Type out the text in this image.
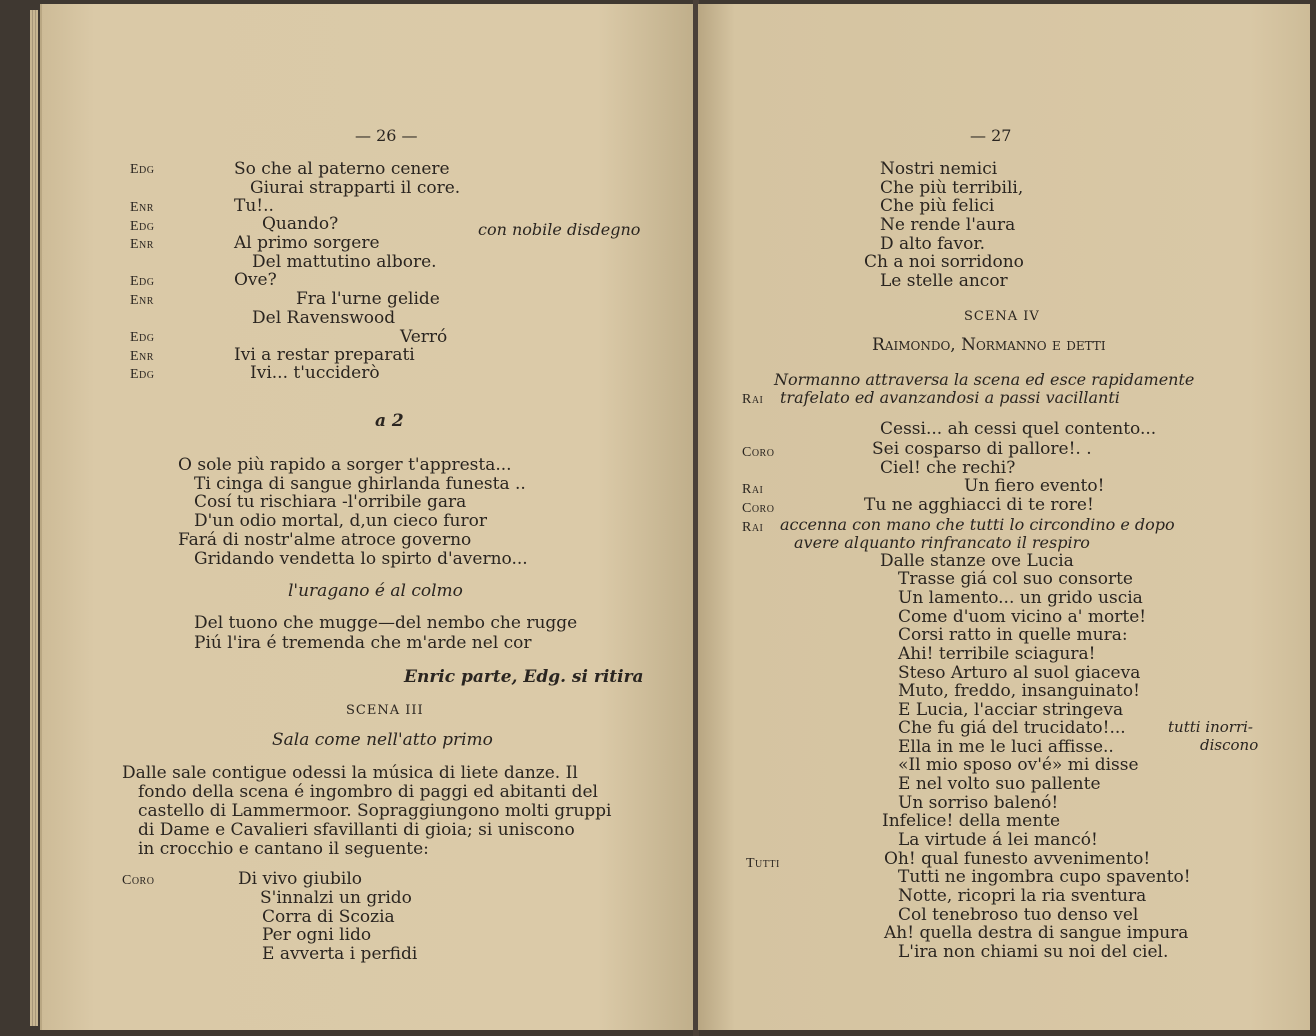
— 26 —
Edg	So che al paterno cenere
Giurai strapparti il core.
Enr	Tu!..
Edg	Quando?	con nobile disdegno
Enr	Al primo sorgere
Del mattutino albore.
Edg	Ove?
Enr	Fra l'urne gelide
Del Ravenswood
Edg	Verró
Enr	Ivi a restar preparati
Edg	Ivi... t'ucciderò
a 2
O sole più rapido a sorger t'appresta...
Ti cinga di sangue ghirlanda funesta ..
Cosí tu rischiara -l'orribile gara
D'un odio mortal, d,un cieco furor
Fará di nostr'alme atroce governo
Gridando vendetta lo spirto d'averno...
l'uragano é al colmo
Del tuono che mugge—del nembo che rugge
Piú l'ira é tremenda che m'arde nel cor
Enric parte, Edg. si ritira
SCENA III
Sala come nell'atto primo
Dalle sale contigue odessi la música di liete danze. Il
fondo della scena é ingombro di paggi ed abitanti del
castello di Lammermoor. Sopraggiungono molti gruppi
di Dame e Cavalieri sfavillanti di gioia; si uniscono
in crocchio e cantano il seguente:
Coro	Di vivo giubilo
S'innalzi un grido
Corra di Scozia
Per ogni lido
E avverta i perfidi
— 27
Nostri nemici
Che più terribili,
Che più felici
Ne rende l'aura
D alto favor.
Ch a noi sorridono
Le stelle ancor
SCENA IV
Raimondo, Normanno e detti
Normanno attraversa la scena ed esce rapidamente
Rai trafelato ed avanzandosi a passi vacillanti
Cessi... ah cessi quel contento...
Coro	Sei cosparso di pallore!. .
Ciel! che rechi?
Rai	Un fiero evento!
Coro	Tu ne agghiacci di te rore!
Rai accenna con mano che tutti lo circondino e dopo
avere alquanto rinfrancato il respiro
Dalle stanze ove Lucia
Trasse giá col suo consorte
Un lamento... un grido uscia
Come d'uom vicino a' morte!
Corsi ratto in quelle mura:
Ahi! terribile sciagura!
Steso Arturo al suol giaceva
Muto, freddo, insanguinato!
E Lucia, l'acciar stringeva
Che fu giá del trucidato!...	tutti inorri-
Ella in me le luci affisse..	discono
«Il mio sposo ov'é» mi disse
E nel volto suo pallente
Un sorriso balenó!
Infelice! della mente
La virtude á lei mancó!
Tutti	Oh! qual funesto avvenimento!
Tutti ne ingombra cupo spavento!
Notte, ricopri la ria sventura
Col tenebroso tuo denso vel
Ah! quella destra di sangue impura
L'ira non chiami su noi del ciel.
